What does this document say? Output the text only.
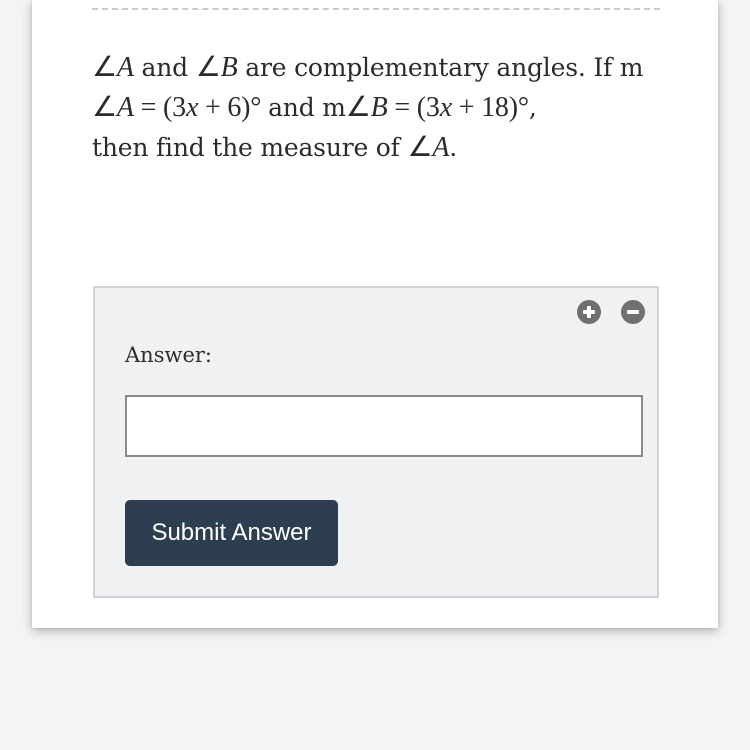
∠A and ∠B are complementary angles. If m
∠A = (3x + 6)° and m∠B = (3x + 18)°,
then find the measure of ∠A.
Answer:
Submit Answer
